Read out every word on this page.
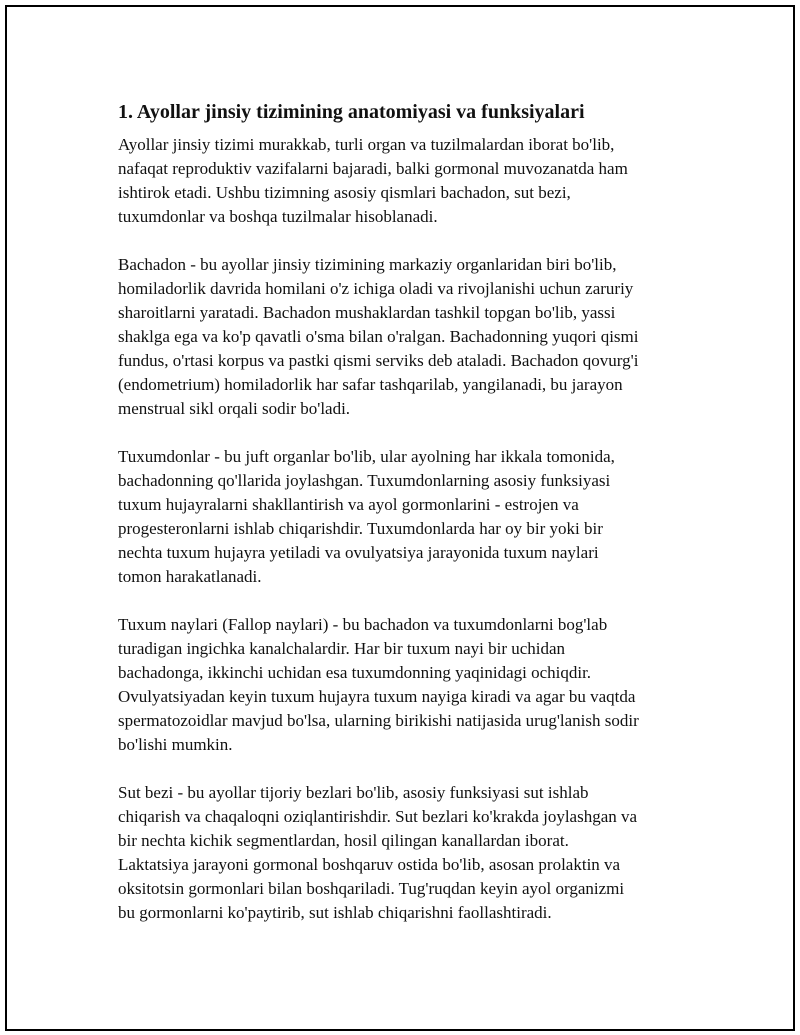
1. Ayollar jinsiy tizimining anatomiyasi va funksiyalari

Ayollar jinsiy tizimi murakkab, turli organ va tuzilmalardan iborat bo'lib,
nafaqat reproduktiv vazifalarni bajaradi, balki gormonal muvozanatda ham
ishtirok etadi. Ushbu tizimning asosiy qismlari bachadon, sut bezi,
tuxumdonlar va boshqa tuzilmalar hisoblanadi.

Bachadon - bu ayollar jinsiy tizimining markaziy organlaridan biri bo'lib,
homiladorlik davrida homilani o'z ichiga oladi va rivojlanishi uchun zaruriy
sharoitlarni yaratadi. Bachadon mushaklardan tashkil topgan bo'lib, yassi
shaklga ega va ko'p qavatli o'sma bilan o'ralgan. Bachadonning yuqori qismi
fundus, o'rtasi korpus va pastki qismi serviks deb ataladi. Bachadon qovurg'i
(endometrium) homiladorlik har safar tashqarilab, yangilanadi, bu jarayon
menstrual sikl orqali sodir bo'ladi.

Tuxumdonlar - bu juft organlar bo'lib, ular ayolning har ikkala tomonida,
bachadonning qo'llarida joylashgan. Tuxumdonlarning asosiy funksiyasi
tuxum hujayralarni shakllantirish va ayol gormonlarini - estrojen va
progesteronlarni ishlab chiqarishdir. Tuxumdonlarda har oy bir yoki bir
nechta tuxum hujayra yetiladi va ovulyatsiya jarayonida tuxum naylari
tomon harakatlanadi.

Tuxum naylari (Fallop naylari) - bu bachadon va tuxumdonlarni bog'lab
turadigan ingichka kanalchalardir. Har bir tuxum nayi bir uchidan
bachadonga, ikkinchi uchidan esa tuxumdonning yaqinidagi ochiqdir.
Ovulyatsiyadan keyin tuxum hujayra tuxum nayiga kiradi va agar bu vaqtda
spermatozoidlar mavjud bo'lsa, ularning birikishi natijasida urug'lanish sodir
bo'lishi mumkin.

Sut bezi - bu ayollar tijoriy bezlari bo'lib, asosiy funksiyasi sut ishlab
chiqarish va chaqaloqni oziqlantirishdir. Sut bezlari ko'krakda joylashgan va
bir nechta kichik segmentlardan, hosil qilingan kanallardan iborat.
Laktatsiya jarayoni gormonal boshqaruv ostida bo'lib, asosan prolaktin va
oksitotsin gormonlari bilan boshqariladi. Tug'ruqdan keyin ayol organizmi
bu gormonlarni ko'paytirib, sut ishlab chiqarishni faollashtiradi.
